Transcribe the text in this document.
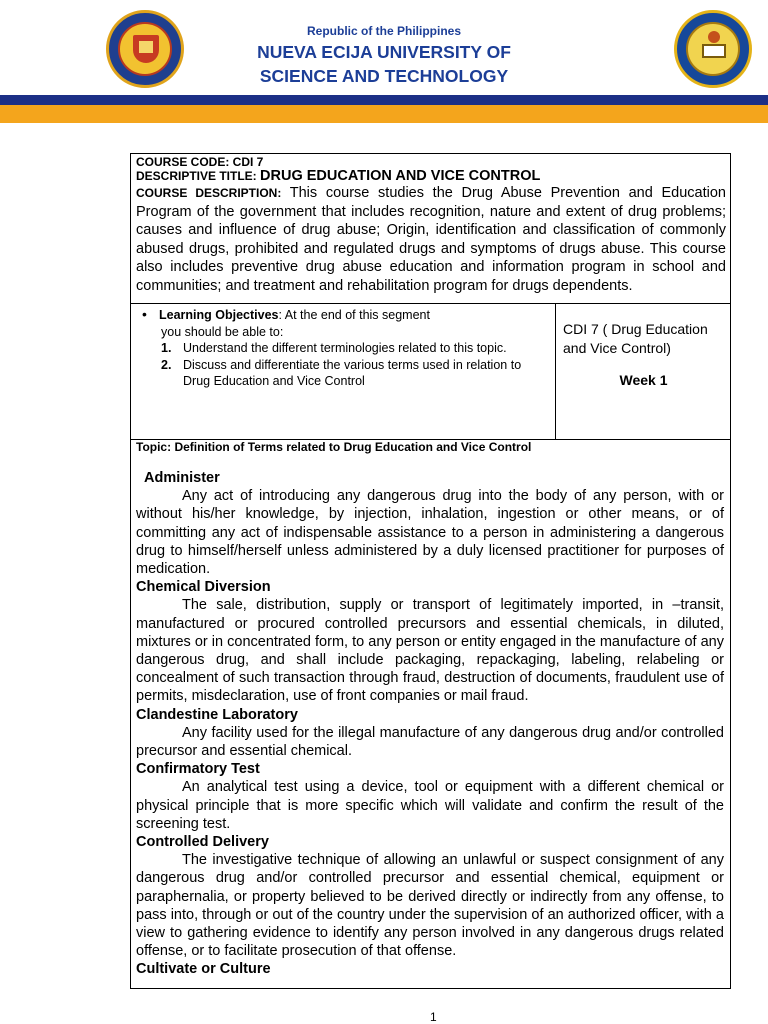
Republic of the Philippines
NUEVA ECIJA UNIVERSITY OF SCIENCE AND TECHNOLOGY
COURSE CODE: CDI 7
DESCRIPTIVE TITLE: DRUG EDUCATION AND VICE CONTROL
COURSE DESCRIPTION: This course studies the Drug Abuse Prevention and Education Program of the government that includes recognition, nature and extent of drug problems; causes and influence of drug abuse; Origin, identification and classification of commonly abused drugs, prohibited and regulated drugs and symptoms of drugs abuse. This course also includes preventive drug abuse education and information program in school and communities; and treatment and rehabilitation program for drugs dependents.
• Learning Objectives: At the end of this segment
you should be able to:
1. Understand the different terminologies related to this topic.
2. Discuss and differentiate the various terms used in relation to Drug Education and Vice Control
CDI 7 ( Drug Education and Vice Control)
Week 1
Topic: Definition of Terms related to Drug Education and Vice Control
Administer
Any act of introducing any dangerous drug into the body of any person, with or without his/her knowledge, by injection, inhalation, ingestion or other means, or of committing any act of indispensable assistance to a person in administering a dangerous drug to himself/herself unless administered by a duly licensed practitioner for purposes of medication.
Chemical Diversion
The sale, distribution, supply or transport of legitimately imported, in –transit, manufactured or procured controlled precursors and essential chemicals, in diluted, mixtures or in concentrated form, to any person or entity engaged in the manufacture of any dangerous drug, and shall include packaging, repackaging, labeling, relabeling or concealment of such transaction through fraud, destruction of documents, fraudulent use of permits, misdeclaration, use of front companies or mail fraud.
Clandestine Laboratory
Any facility used for the illegal manufacture of any dangerous drug and/or controlled precursor and essential chemical.
Confirmatory Test
An analytical test using a device, tool or equipment with a different chemical or physical principle that is more specific which will validate and confirm the result of the screening test.
Controlled Delivery
The investigative technique of allowing an unlawful or suspect consignment of any dangerous drug and/or controlled precursor and essential chemical, equipment or paraphernalia, or property believed to be derived directly or indirectly from any offense, to pass into, through or out of the country under the supervision of an authorized officer, with a view to gathering evidence to identify any person involved in any dangerous drugs related offense, or to facilitate prosecution of that offense.
Cultivate or Culture
1
